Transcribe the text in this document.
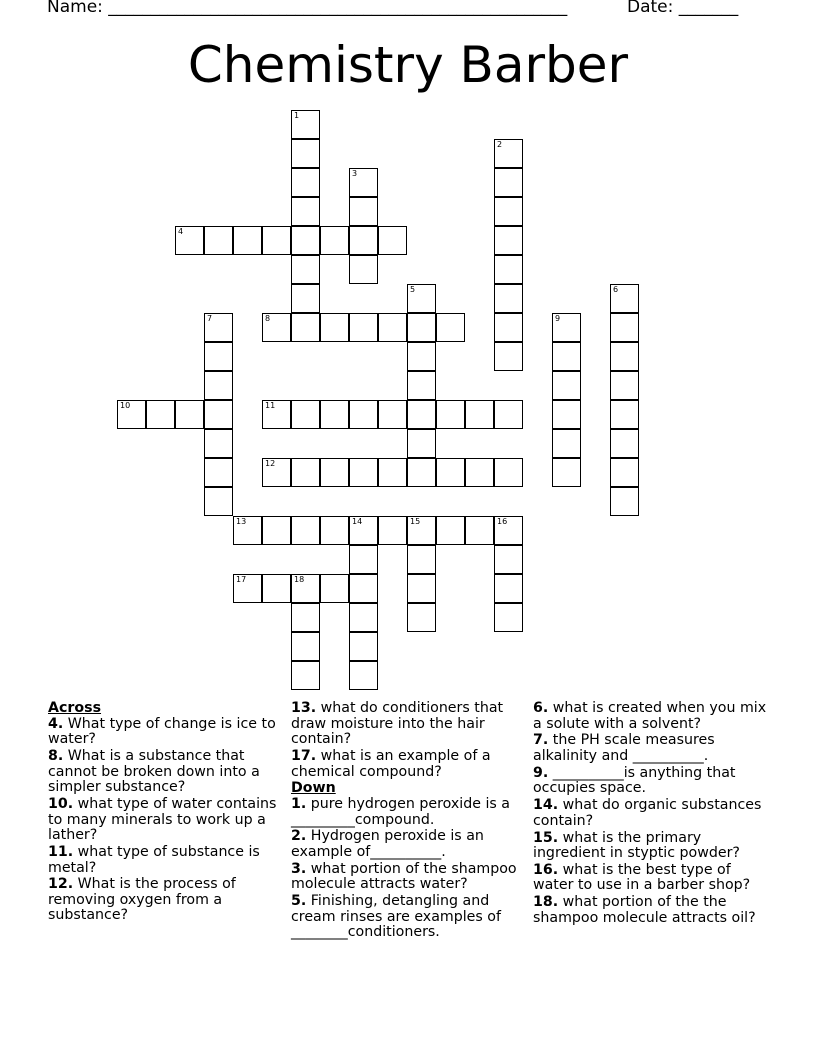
Name: ______________________________________________________	Date: _______
Chemistry Barber
4
8
10	11
12
13	14	15	16
17	18
1
2
3
5	6
7	9
Across
4. What type of change is ice to water?
8. What is a substance that cannot be broken down into a simpler substance?
10. what type of water contains to many minerals to work up a lather?
11. what type of substance is metal?
12. What is the process of removing oxygen from a substance?
13. what do conditioners that draw moisture into the hair contain?
17. what is an example of a chemical compound?
Down
1. pure hydrogen peroxide is a _________compound.
2. Hydrogen peroxide is an example of__________.
3. what portion of the shampoo molecule attracts water?
5. Finishing, detangling and cream rinses are examples of ________conditioners.
6. what is created when you mix a solute with a solvent?
7. the PH scale measures alkalinity and __________.
9. __________is anything that occupies space.
14. what do organic substances contain?
15. what is the primary ingredient in styptic powder?
16. what is the best type of water to use in a barber shop?
18. what portion of the the shampoo molecule attracts oil?
